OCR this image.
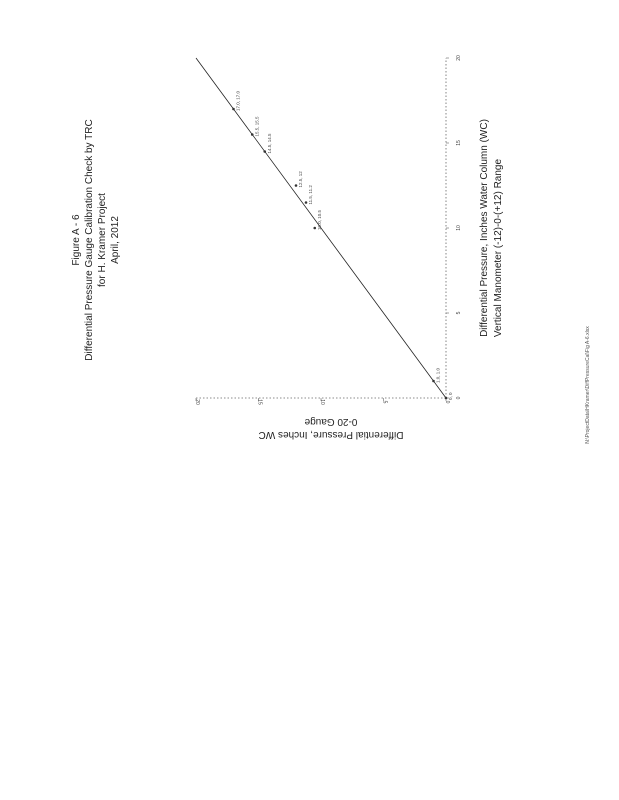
Figure A - 6 Differential Pressure Gauge Calibration Check by TRC for H. Kramer Project April, 2012
0
5
10
15
20
0
5
10
15
20
0, 0
1.0, 1.0
10.0, 10.5
11.5, 11.2
12.5, 12
14.5, 14.5
15.5, 15.5
17.0, 17.0
Differential Pressure, Inches Water Column (WC) Vertical Manometer (-12)-0-(+12) Range
Differential Pressure, Inches WC
0-20 Gauge	N:\ProjectData\HKramer\DiffPressureCal\Fig A-6.xlsx
